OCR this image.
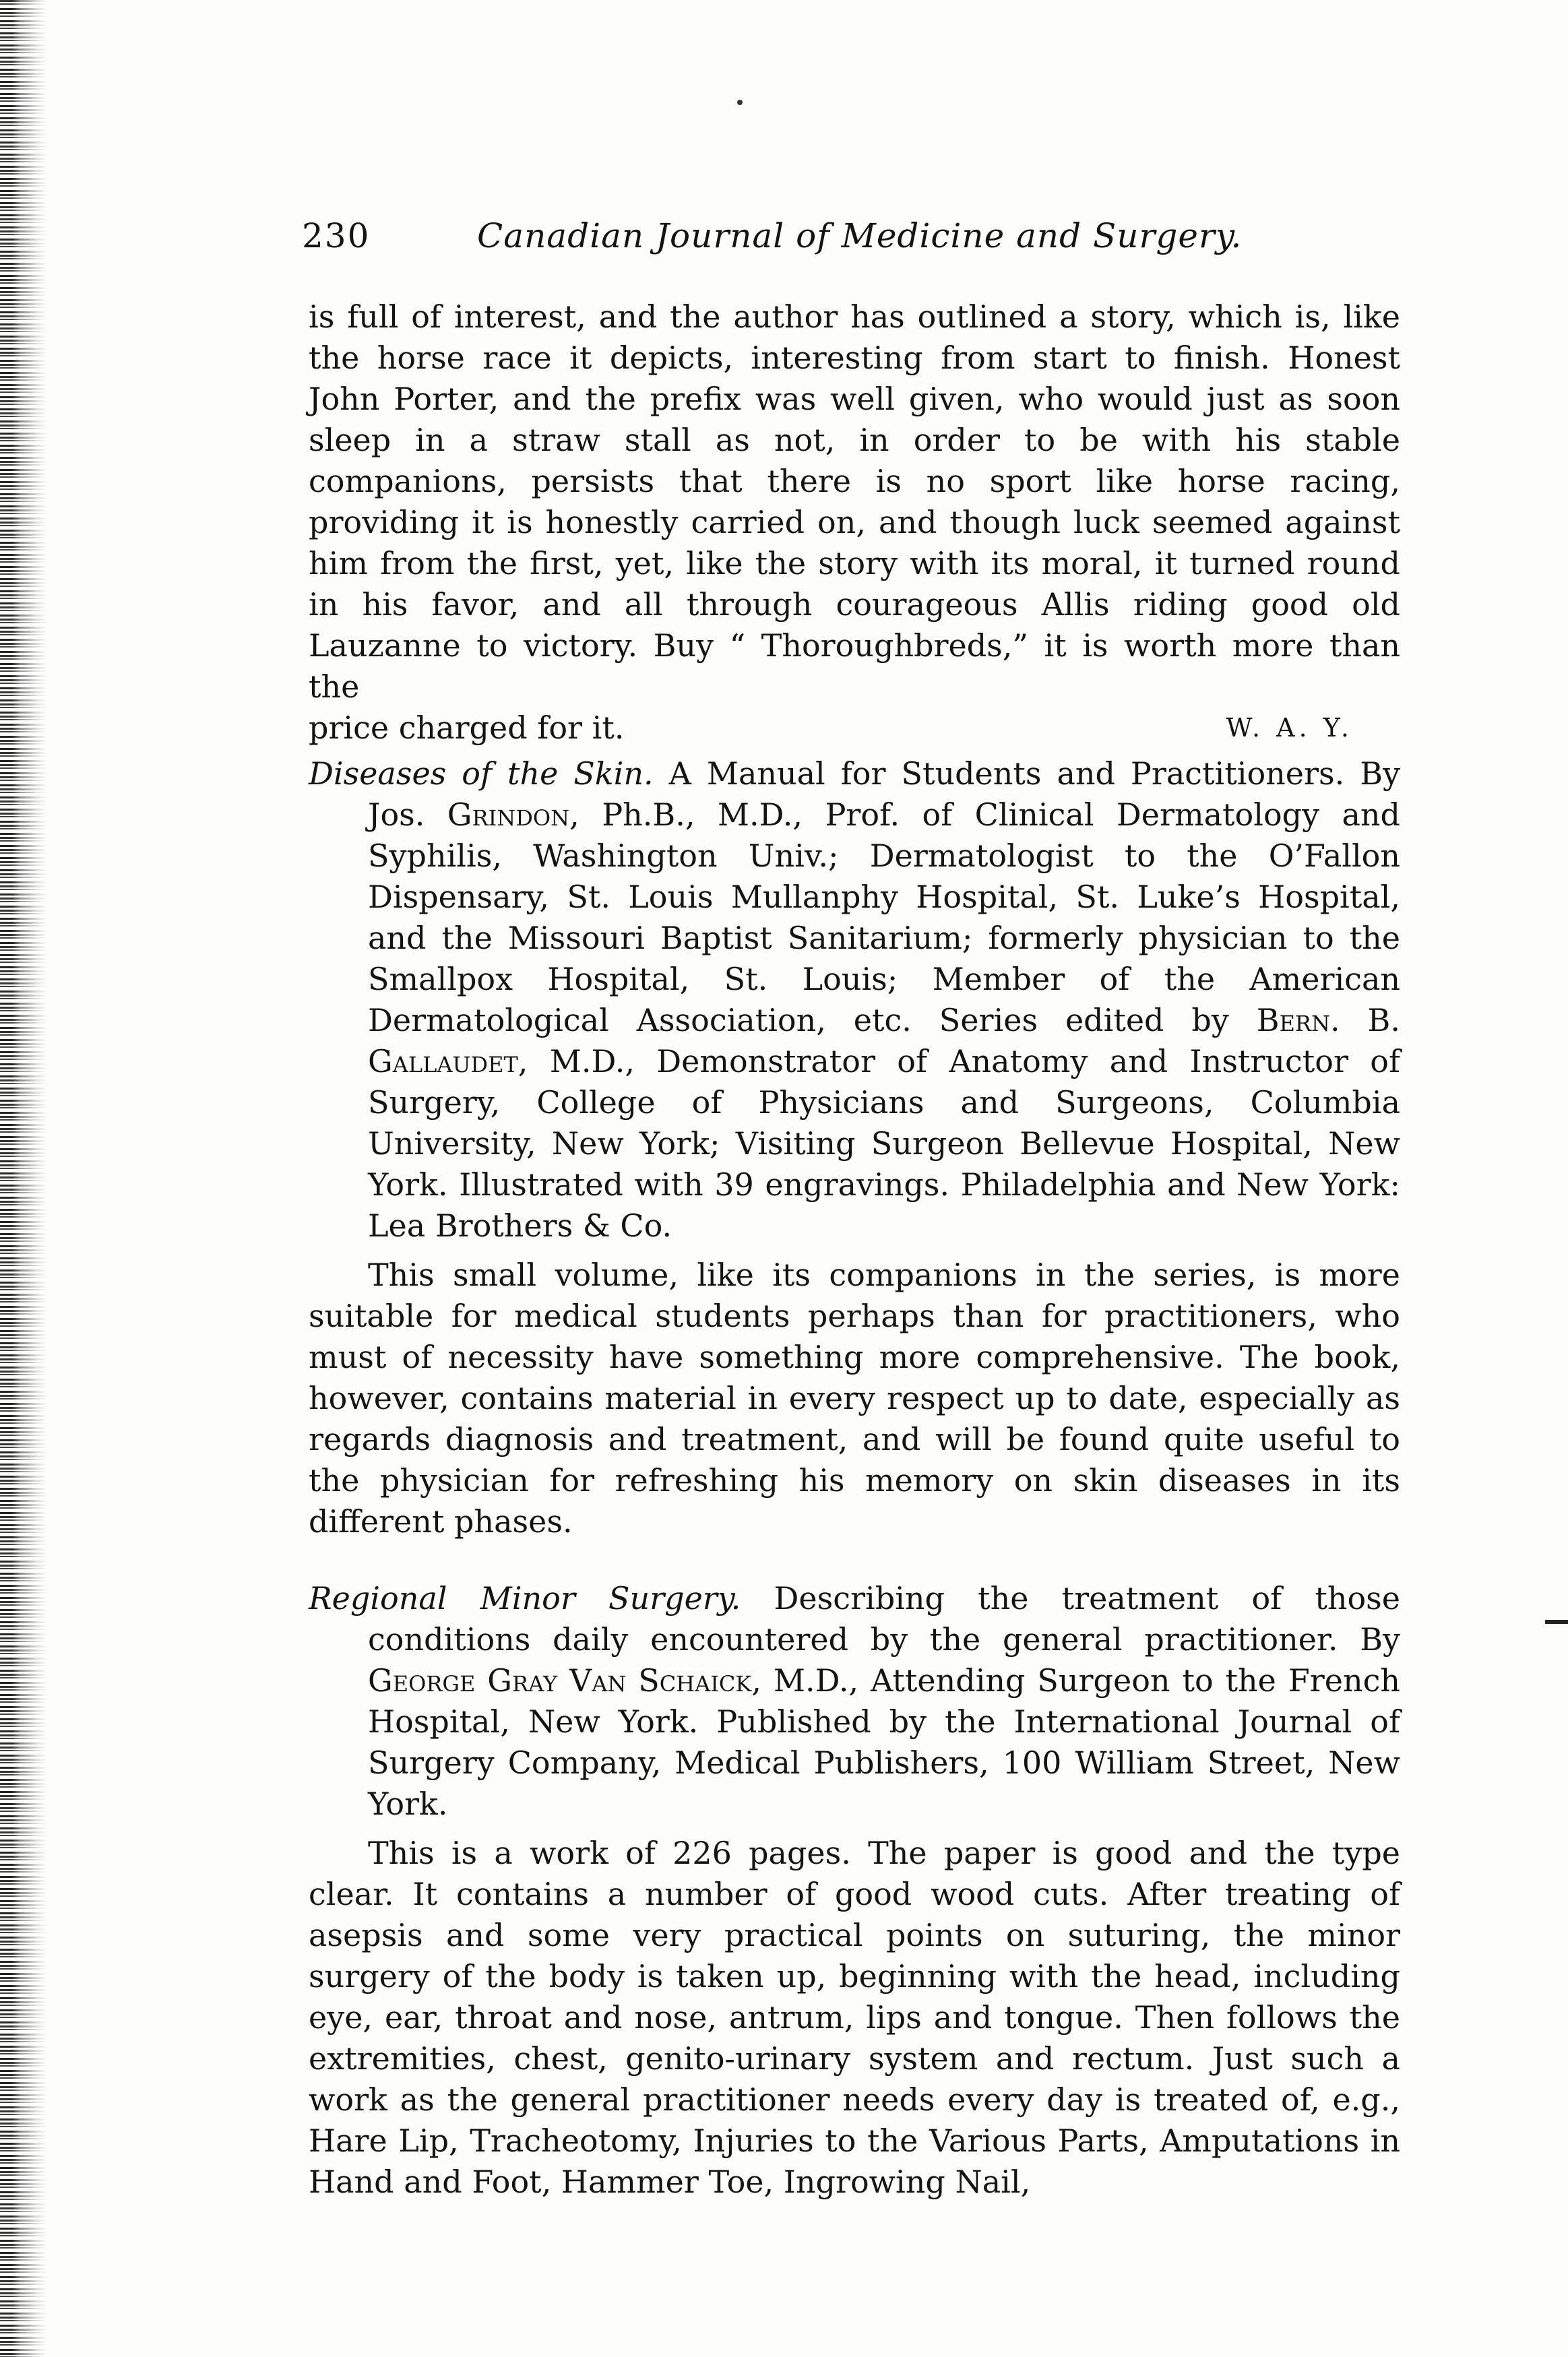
230	Canadian Journal of Medicine and Surgery.
is full of interest, and the author has outlined a story, which is, like the horse race it depicts, interesting from start to finish. Honest John Porter, and the prefix was well given, who would just as soon sleep in a straw stall as not, in order to be with his stable companions, persists that there is no sport like horse racing, providing it is honestly carried on, and though luck seemed against him from the first, yet, like the story with its moral, it turned round in his favor, and all through courageous Allis riding good old Lauzanne to victory. Buy “ Thoroughbreds,” it is worth more than the
price charged for it.	W. A. Y.
Diseases of the Skin. A Manual for Students and Practitioners. By Jos. Grindon, Ph.B., M.D., Prof. of Clinical Dermatology and Syphilis, Washington Univ.; Dermatologist to the O’Fallon Dispensary, St. Louis Mullanphy Hospital, St. Luke’s Hospital, and the Missouri Baptist Sanitarium; formerly physician to the Smallpox Hospital, St. Louis; Member of the American Dermatological Association, etc. Series edited by Bern. B. Gallaudet, M.D., Demonstrator of Anatomy and Instructor of Surgery, College of Physicians and Surgeons, Columbia University, New York; Visiting Surgeon Bellevue Hospital, New York. Illustrated with 39 engravings. Philadelphia and New York: Lea Brothers & Co.
This small volume, like its companions in the series, is more suitable for medical students perhaps than for practitioners, who must of necessity have something more comprehensive. The book, however, contains material in every respect up to date, especially as regards diagnosis and treatment, and will be found quite useful to the physician for refreshing his memory on skin diseases in its different phases.
Regional Minor Surgery. Describing the treatment of those conditions daily encountered by the general practitioner. By George Gray Van Schaick, M.D., Attending Surgeon to the French Hospital, New York. Published by the International Journal of Surgery Company, Medical Publishers, 100 William Street, New York.
This is a work of 226 pages. The paper is good and the type clear. It contains a number of good wood cuts. After treating of asepsis and some very practical points on suturing, the minor surgery of the body is taken up, beginning with the head, including eye, ear, throat and nose, antrum, lips and tongue. Then follows the extremities, chest, genito-urinary system and rectum. Just such a work as the general practitioner needs every day is treated of, e.g., Hare Lip, Tracheotomy, Injuries to the Various Parts, Amputations in Hand and Foot, Hammer Toe, Ingrowing Nail,
